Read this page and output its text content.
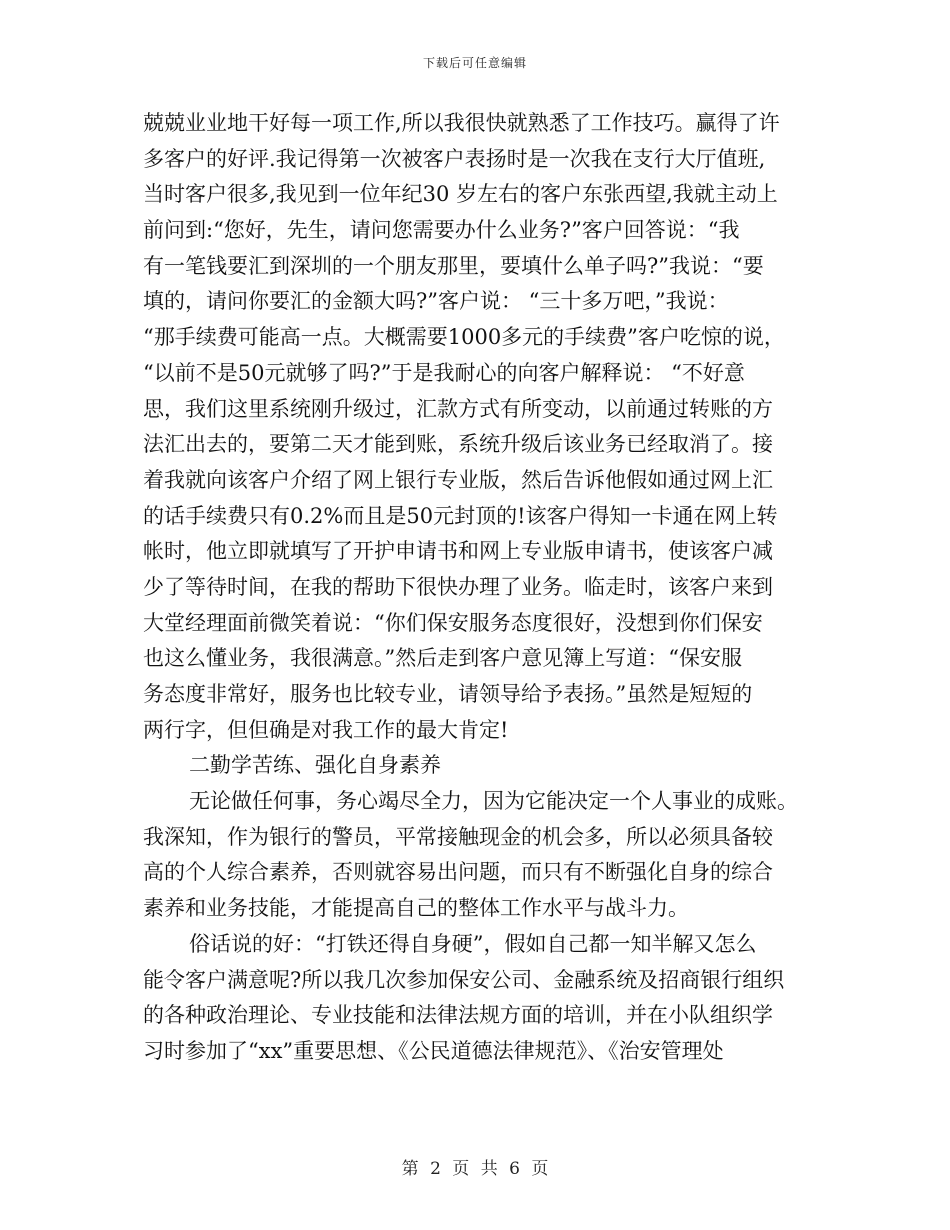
下载后可任意编辑
兢兢业业地干好每一项工作,所以我很快就熟悉了工作技巧。赢得了许
多客户的好评.我记得第一次被客户表扬时是一次我在支行大厅值班,
当时客户很多,我见到一位年纪30 岁左右的客户东张西望,我就主动上
前问到:“您好，先生，请问您需要办什么业务?”客户回答说：“我
有一笔钱要汇到深圳的一个朋友那里，要填什么单子吗?”我说：“要
填的，请问你要汇的金额大吗?”客户说： “三十多万吧，”我说：
“那手续费可能高一点。大概需要1000多元的手续费”客户吃惊的说，
“以前不是50元就够了吗?”于是我耐心的向客户解释说： “不好意
思，我们这里系统刚升级过，汇款方式有所变动，以前通过转账的方
法汇出去的，要第二天才能到账，系统升级后该业务已经取消了。接
着我就向该客户介绍了网上银行专业版，然后告诉他假如通过网上汇
的话手续费只有0.2%而且是50元封顶的!该客户得知一卡通在网上转
帐时，他立即就填写了开护申请书和网上专业版申请书，使该客户减
少了等待时间，在我的帮助下很快办理了业务。临走时，该客户来到
大堂经理面前微笑着说：“你们保安服务态度很好，没想到你们保安
也这么懂业务，我很满意。”然后走到客户意见簿上写道：“保安服
务态度非常好，服务也比较专业，请领导给予表扬。”虽然是短短的
两行字，但但确是对我工作的最大肯定!
二勤学苦练、强化自身素养
无论做任何事，务心竭尽全力，因为它能决定一个人事业的成账。
我深知，作为银行的警员，平常接触现金的机会多，所以必须具备较
高的个人综合素养，否则就容易出问题，而只有不断强化自身的综合
素养和业务技能，才能提高自己的整体工作水平与战斗力。
俗话说的好：“打铁还得自身硬”，假如自己都一知半解又怎么
能令客户满意呢?所以我几次参加保安公司、金融系统及招商银行组织
的各种政治理论、专业技能和法律法规方面的培训，并在小队组织学
习时参加了“xx”重要思想、《公民道德法律规范》、《治安管理处
第 2 页 共 6 页
